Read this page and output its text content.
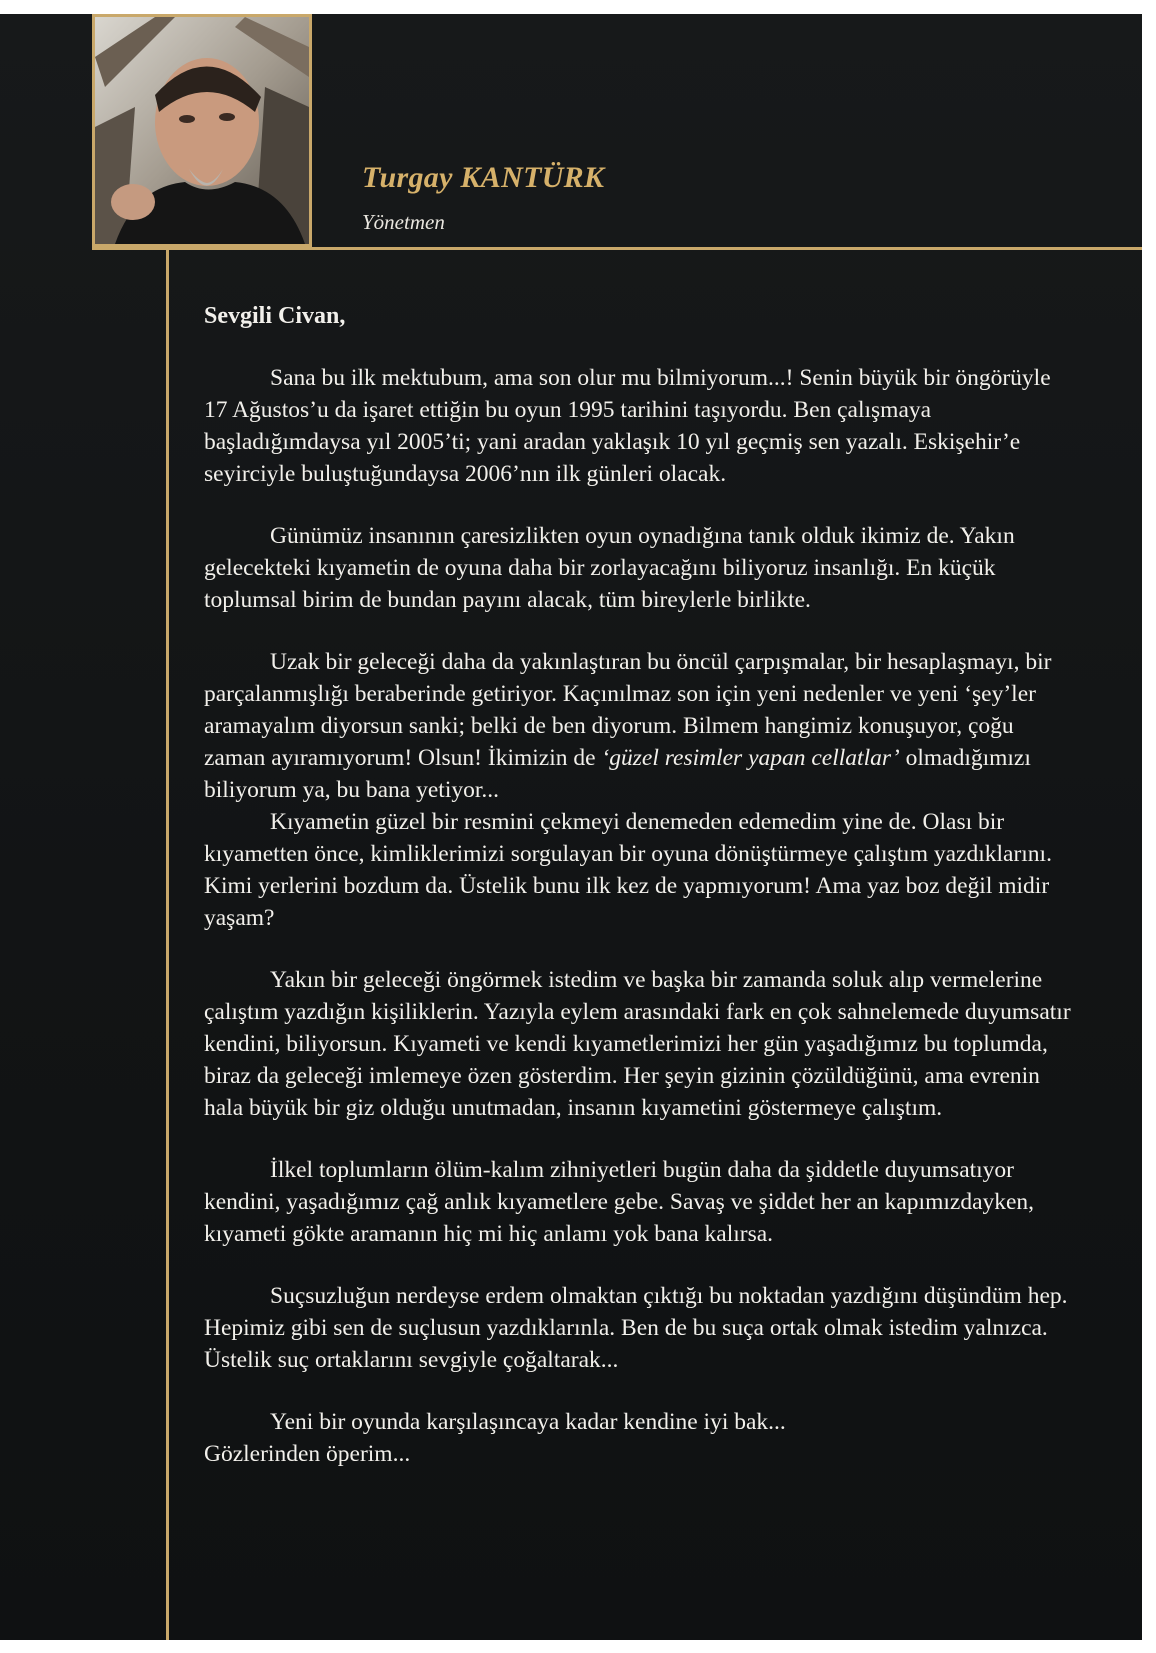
Turgay KANTÜRK
Yönetmen
Sevgili Civan,

Sana bu ilk mektubum, ama son olur mu bilmiyorum...! Senin büyük bir öngörüyle 17 Ağustos’u da işaret ettiğin bu oyun 1995 tarihini taşıyordu. Ben çalışmaya başladığımdaysa yıl 2005’ti; yani aradan yaklaşık 10 yıl geçmiş sen yazalı. Eskişehir’e seyirciyle buluştuğundaysa 2006’nın ilk günleri olacak.

Günümüz insanının çaresizlikten oyun oynadığına tanık olduk ikimiz de. Yakın gelecekteki kıyametin de oyuna daha bir zorlayacağını biliyoruz insanlığı. En küçük toplumsal birim de bundan payını alacak, tüm bireylerle birlikte.

Uzak bir geleceği daha da yakınlaştıran bu öncül çarpışmalar, bir hesaplaşmayı, bir parçalanmışlığı beraberinde getiriyor. Kaçınılmaz son için yeni nedenler ve yeni ‘şey’ler aramayalım diyorsun sanki; belki de ben diyorum. Bilmem hangimiz konuşuyor, çoğu zaman ayıramıyorum! Olsun! İkimizin de ‘güzel resimler yapan cellatlar’ olmadığımızı biliyorum ya, bu bana yetiyor...

Kıyametin güzel bir resmini çekmeyi denemeden edemedim yine de. Olası bir kıyametten önce, kimliklerimizi sorgulayan bir oyuna dönüştürmeye çalıştım yazdıklarını. Kimi yerlerini bozdum da. Üstelik bunu ilk kez de yapmıyorum! Ama yaz boz değil midir yaşam?

Yakın bir geleceği öngörmek istedim ve başka bir zamanda soluk alıp vermelerine çalıştım yazdığın kişiliklerin. Yazıyla eylem arasındaki fark en çok sahnelemede duyumsatır kendini, biliyorsun. Kıyameti ve kendi kıyametlerimizi her gün yaşadığımız bu toplumda, biraz da geleceği imlemeye özen gösterdim. Her şeyin gizinin çözüldüğünü, ama evrenin hala büyük bir giz olduğu unutmadan, insanın kıyametini göstermeye çalıştım.

İlkel toplumların ölüm-kalım zihniyetleri bugün daha da şiddetle duyumsatıyor kendini, yaşadığımız çağ anlık kıyametlere gebe. Savaş ve şiddet her an kapımızdayken, kıyameti gökte aramanın hiç mi hiç anlamı yok bana kalırsa.

Suçsuzluğun nerdeyse erdem olmaktan çıktığı bu noktadan yazdığını düşündüm hep. Hepimiz gibi sen de suçlusun yazdıklarınla. Ben de bu suça ortak olmak istedim yalnızca. Üstelik suç ortaklarını sevgiyle çoğaltarak...

Yeni bir oyunda karşılaşıncaya kadar kendine iyi bak...

Gözlerinden öperim...
